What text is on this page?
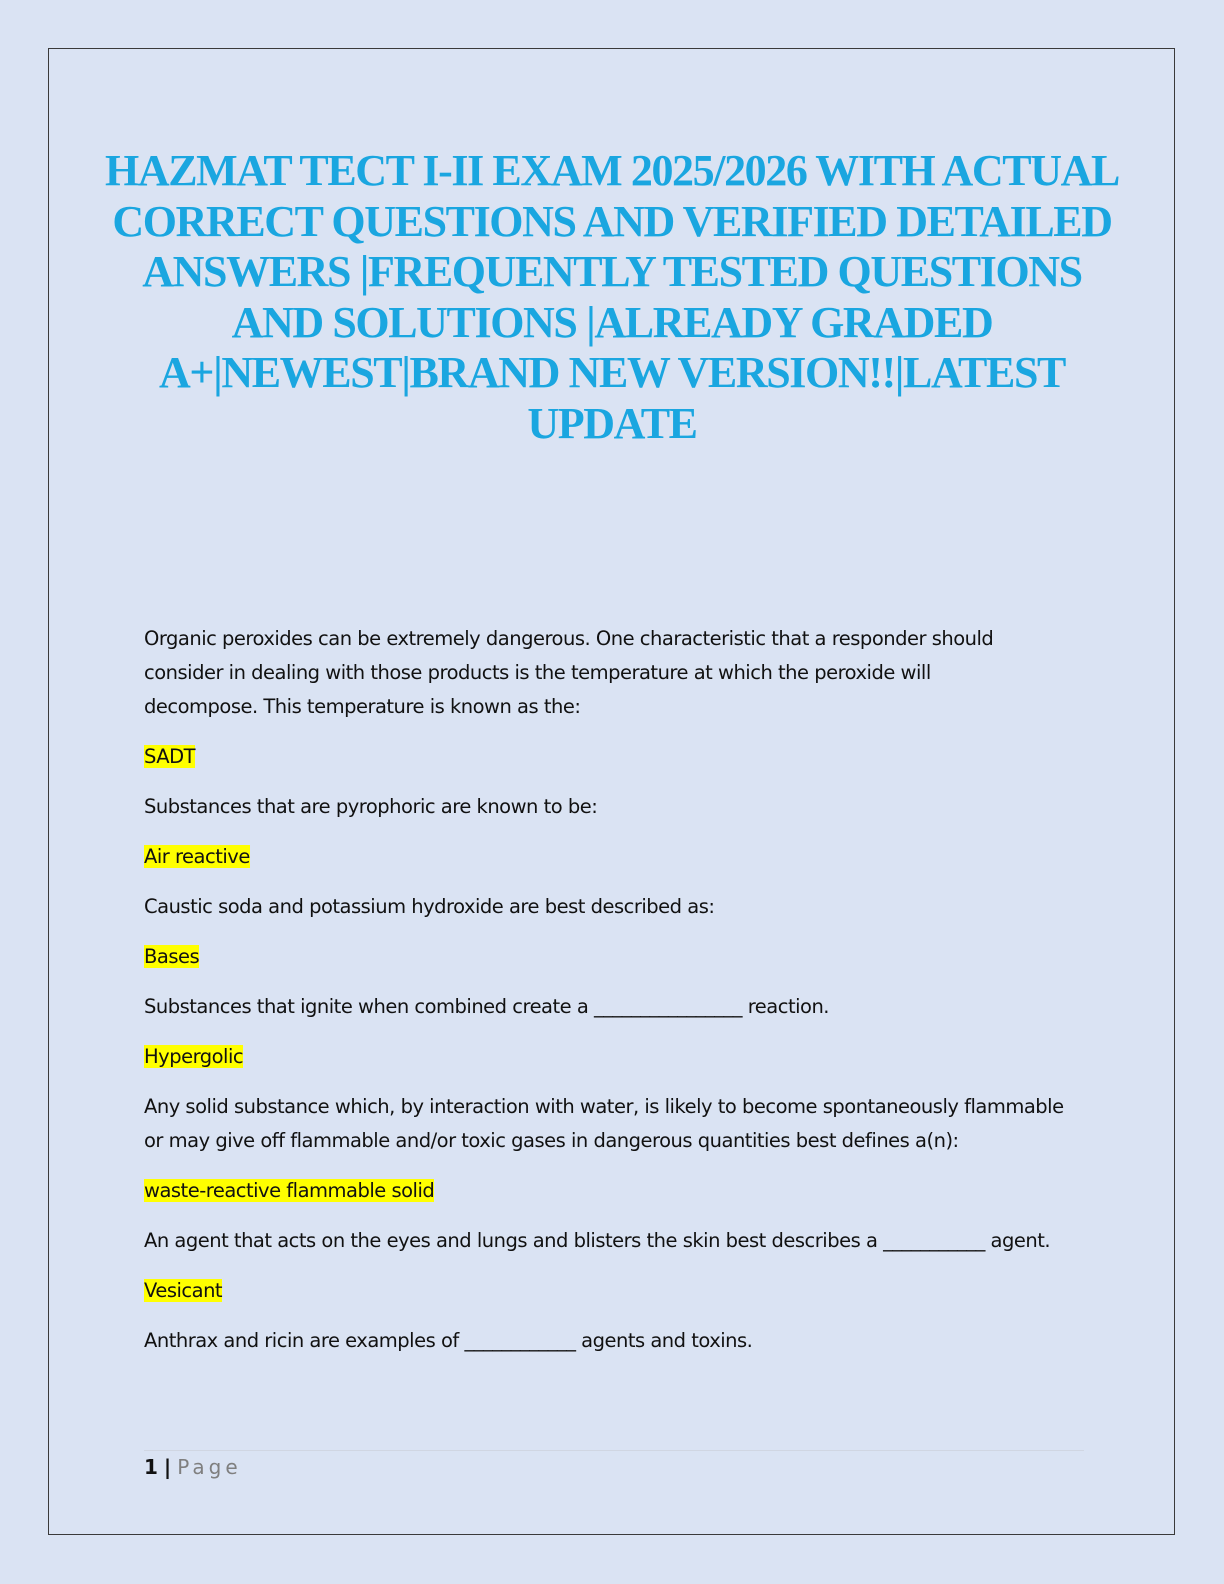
HAZMAT TECT I-II EXAM 2025/2026 WITH ACTUAL CORRECT QUESTIONS AND VERIFIED DETAILED ANSWERS |FREQUENTLY TESTED QUESTIONS AND SOLUTIONS |ALREADY GRADED A+|NEWEST|BRAND NEW VERSION!!|LATEST UPDATE

Organic peroxides can be extremely dangerous. One characteristic that a responder should consider in dealing with those products is the temperature at which the peroxide will decompose. This temperature is known as the:

SADT

Substances that are pyrophoric are known to be:

Air reactive

Caustic soda and potassium hydroxide are best described as:

Bases

Substances that ignite when combined create a ________________ reaction.

Hypergolic

Any solid substance which, by interaction with water, is likely to become spontaneously flammable or may give off flammable and/or toxic gases in dangerous quantities best defines a(n):

waste-reactive flammable solid

An agent that acts on the eyes and lungs and blisters the skin best describes a ___________ agent.

Vesicant

Anthrax and ricin are examples of ____________ agents and toxins.

1 | Page
